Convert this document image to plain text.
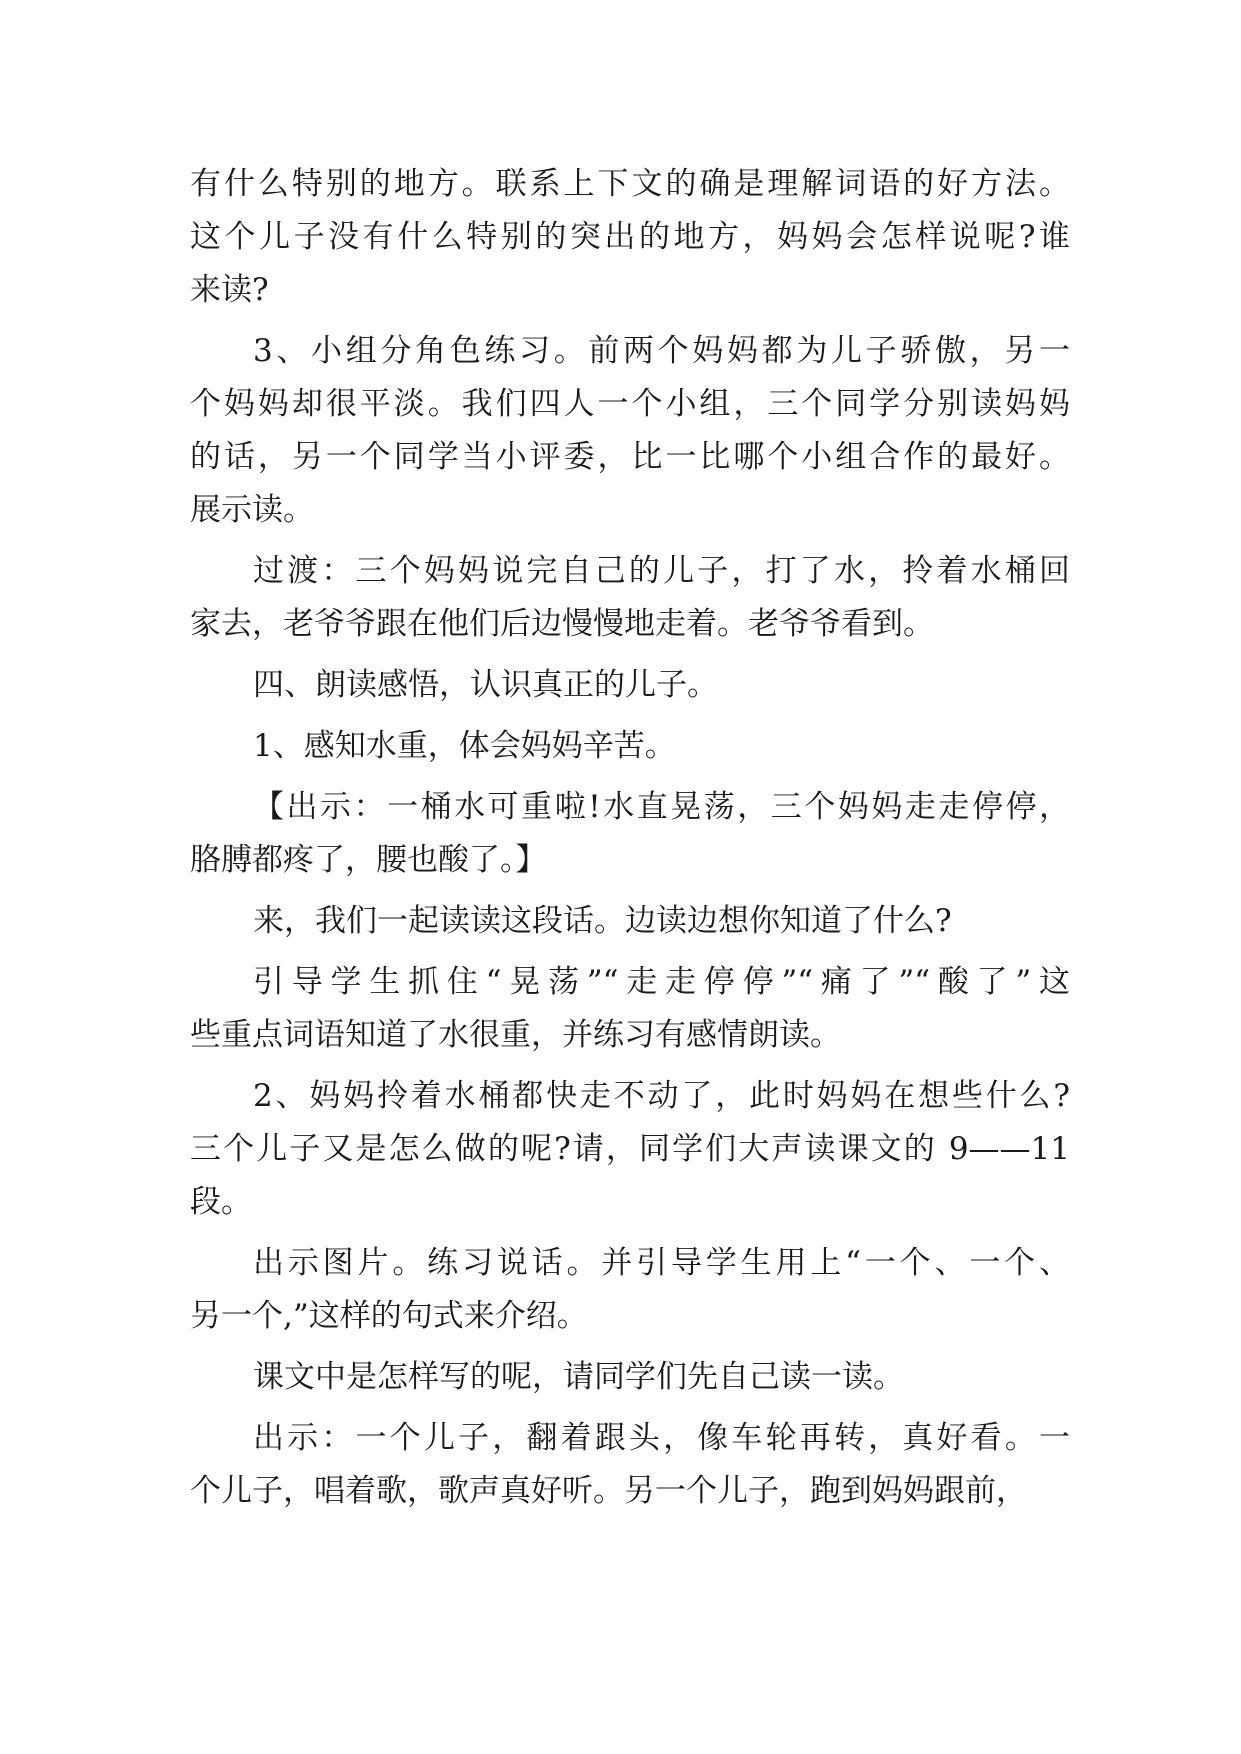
有什么特别的地方。联系上下文的确是理解词语的好方法。
这个儿子没有什么特别的突出的地方，妈妈会怎样说呢?谁
来读?
3、小组分角色练习。前两个妈妈都为儿子骄傲，另一
个妈妈却很平淡。我们四人一个小组，三个同学分别读妈妈
的话，另一个同学当小评委，比一比哪个小组合作的最好。
展示读。
过渡：三个妈妈说完自己的儿子，打了水，拎着水桶回
家去，老爷爷跟在他们后边慢慢地走着。老爷爷看到。
四、朗读感悟，认识真正的儿子。
1、感知水重，体会妈妈辛苦。
【出示：一桶水可重啦!水直晃荡，三个妈妈走走停停，
胳膊都疼了，腰也酸了。】
来，我们一起读读这段话。边读边想你知道了什么?
引导学生抓住“晃荡”“走走停停”“痛了”“酸了”这
些重点词语知道了水很重，并练习有感情朗读。
2、妈妈拎着水桶都快走不动了，此时妈妈在想些什么?
三个儿子又是怎么做的呢?请，同学们大声读课文的 9——11
段。
出示图片。练习说话。并引导学生用上“一个、一个、
另一个,”这样的句式来介绍。
课文中是怎样写的呢，请同学们先自己读一读。
出示：一个儿子，翻着跟头，像车轮再转，真好看。一
个儿子，唱着歌，歌声真好听。另一个儿子，跑到妈妈跟前，
